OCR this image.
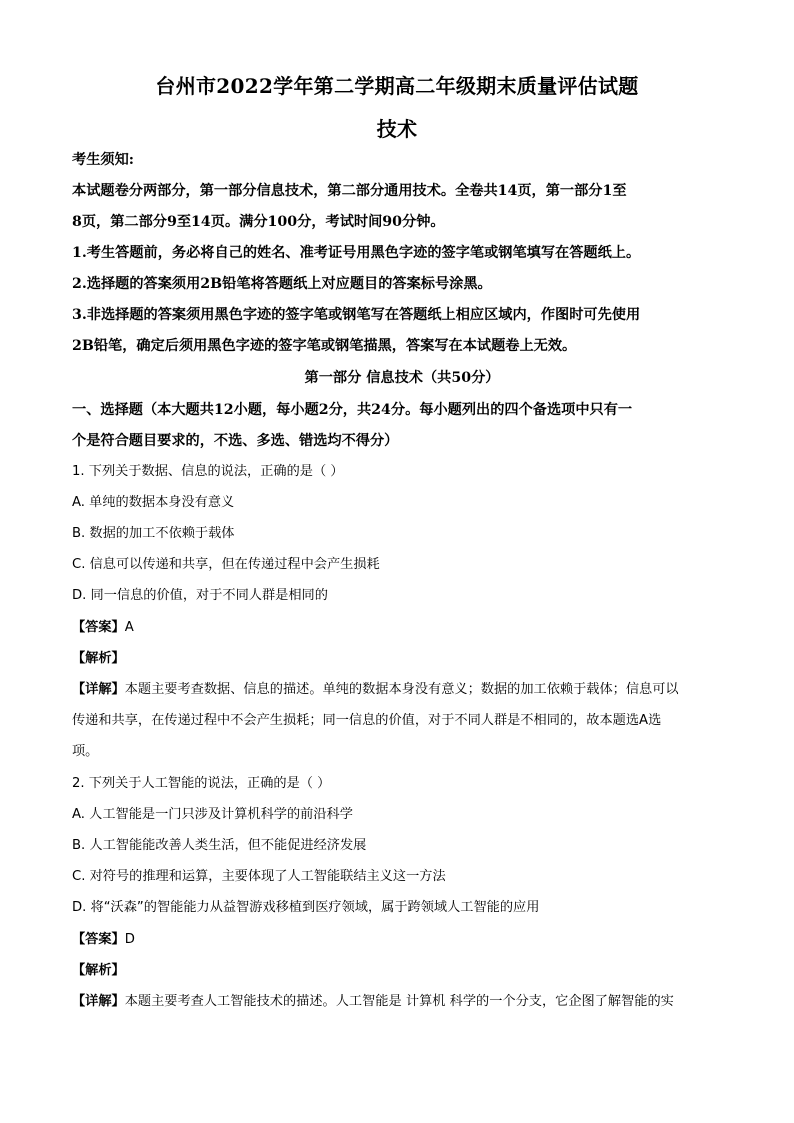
台州市2022学年第二学期高二年级期末质量评估试题
技术
考生须知:
本试题卷分两部分，第一部分信息技术，第二部分通用技术。全卷共14页，第一部分1至
8页，第二部分9至14页。满分100分，考试时间90分钟。
1.考生答题前，务必将自己的姓名、准考证号用黑色字迹的签字笔或钢笔填写在答题纸上。
2.选择题的答案须用2B铅笔将答题纸上对应题目的答案标号涂黑。
3.非选择题的答案须用黑色字迹的签字笔或钢笔写在答题纸上相应区域内，作图时可先使用
2B铅笔，确定后须用黑色字迹的签字笔或钢笔描黑，答案写在本试题卷上无效。
第一部分 信息技术（共50分）
一、选择题（本大题共12小题，每小题2分，共24分。每小题列出的四个备选项中只有一
个是符合题目要求的，不选、多选、错选均不得分）
1. 下列关于数据、信息的说法，正确的是（ ）
A. 单纯的数据本身没有意义
B. 数据的加工不依赖于载体
C. 信息可以传递和共享，但在传递过程中会产生损耗
D. 同一信息的价值，对于不同人群是相同的
【答案】A
【解析】
【详解】本题主要考查数据、信息的描述。单纯的数据本身没有意义；数据的加工依赖于载体；信息可以
传递和共享，在传递过程中不会产生损耗；同一信息的价值，对于不同人群是不相同的，故本题选A选
项。
2. 下列关于人工智能的说法，正确的是（ ）
A. 人工智能是一门只涉及计算机科学的前沿科学
B. 人工智能能改善人类生活，但不能促进经济发展
C. 对符号的推理和运算，主要体现了人工智能联结主义这一方法
D. 将“沃森”的智能能力从益智游戏移植到医疗领域，属于跨领域人工智能的应用
【答案】D
【解析】
【详解】本题主要考查人工智能技术的描述。人工智能是 计算机 科学的一个分支，它企图了解智能的实
